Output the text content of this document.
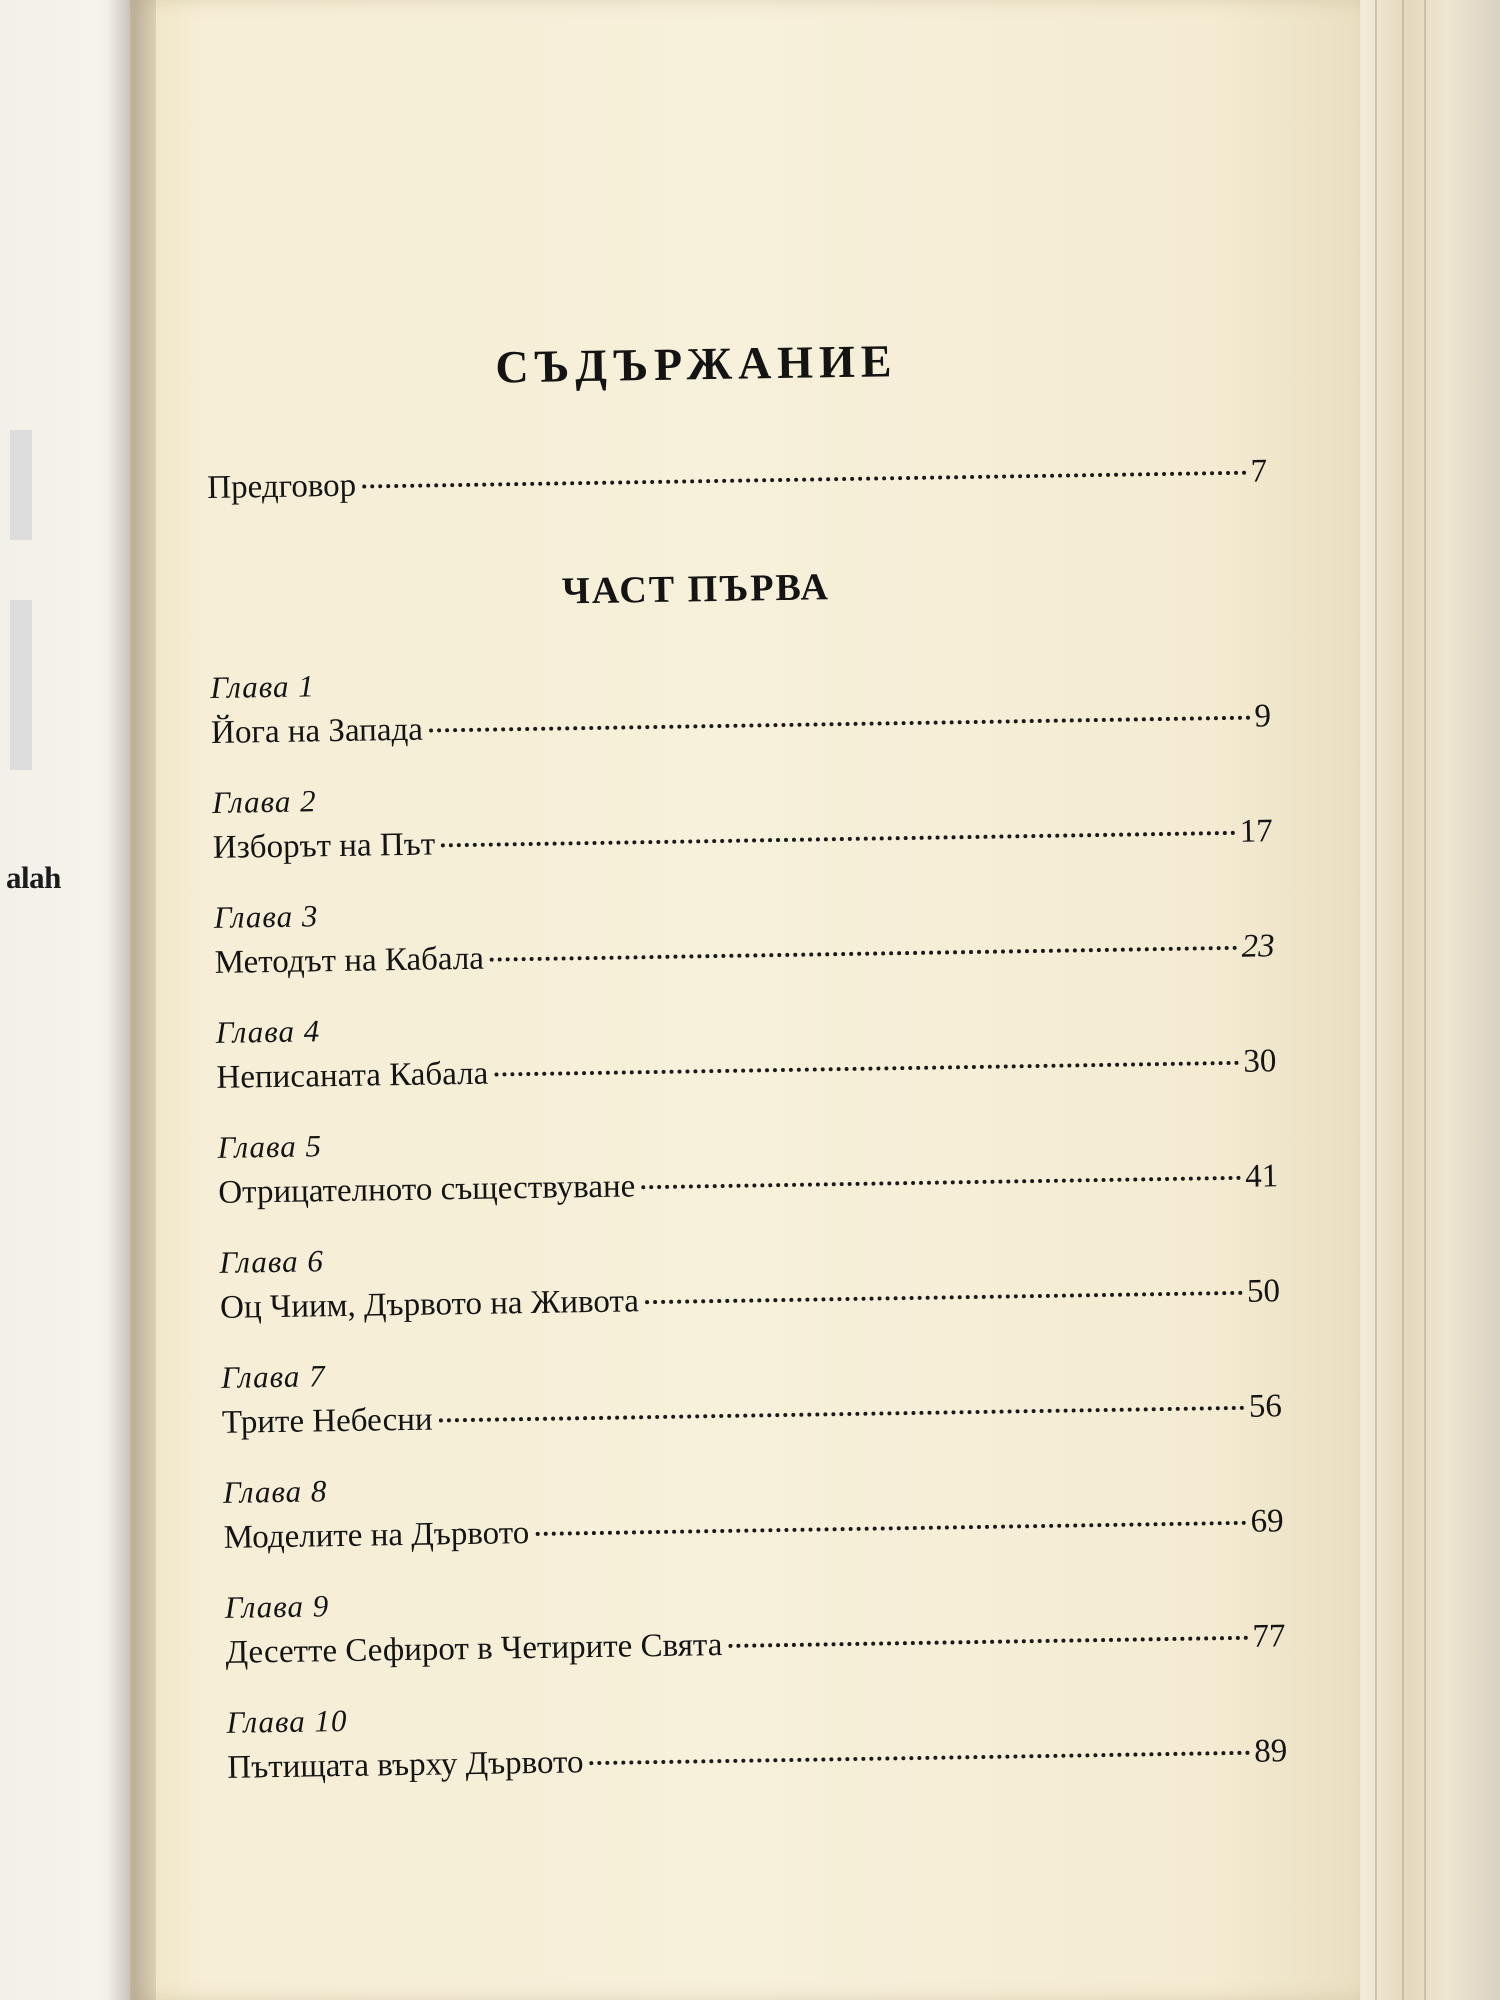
alah
СЪДЪРЖАНИЕ
Предговор	7
ЧАСТ ПЪРВА
Глава 1
Йога на Запада	9
Глава 2
Изборът на Път	17
Глава 3
Методът на Кабала	23
Глава 4
Неписаната Кабала	30
Глава 5
Отрицателното съществуване	41
Глава 6
Оц Чиим, Дървото на Живота	50
Глава 7
Трите Небесни	56
Глава 8
Моделите на Дървото	69
Глава 9
Десетте Сефирот в Четирите Свята	77
Глава 10
Пътищата върху Дървото	89
